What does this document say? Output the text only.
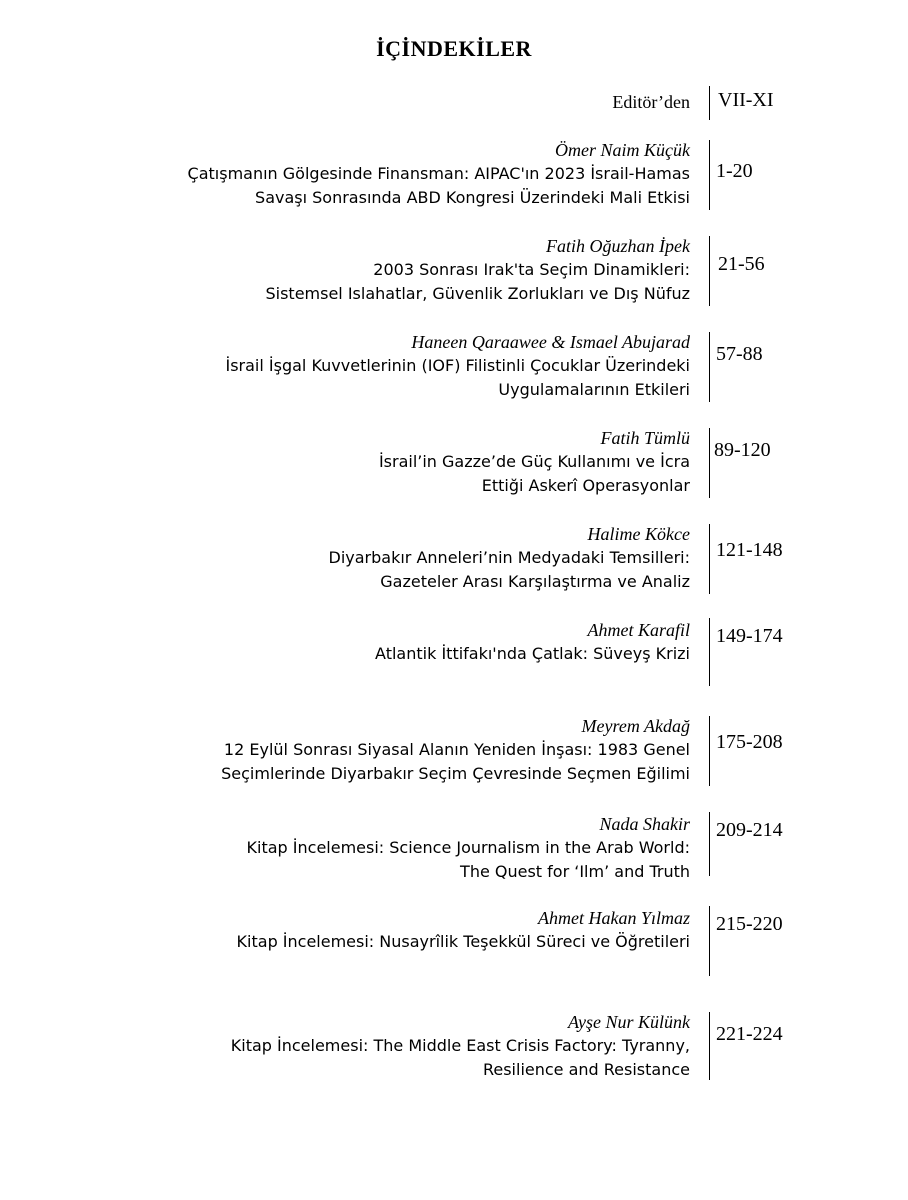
İÇİNDEKİLER
Editör’den VII-XI
Ömer Naim Küçük
Çatışmanın Gölgesinde Finansman: AIPAC'ın 2023 İsrail-Hamas
Savaşı Sonrasında ABD Kongresi Üzerindeki Mali Etkisi
1-20
Fatih Oğuzhan İpek
2003 Sonrası Irak'ta Seçim Dinamikleri:
Sistemsel Islahatlar, Güvenlik Zorlukları ve Dış Nüfuz
21-56
Haneen Qaraawee & Ismael Abujarad
İsrail İşgal Kuvvetlerinin (IOF) Filistinli Çocuklar Üzerindeki
Uygulamalarının Etkileri
57-88
Fatih Tümlü
İsrail’in Gazze’de Güç Kullanımı ve İcra
Ettiği Askerî Operasyonlar
89-120
Halime Kökce
Diyarbakır Anneleri’nin Medyadaki Temsilleri:
Gazeteler Arası Karşılaştırma ve Analiz
121-148
Ahmet Karafil
Atlantik İttifakı'nda Çatlak: Süveyş Krizi
149-174
Meyrem Akdağ
12 Eylül Sonrası Siyasal Alanın Yeniden İnşası: 1983 Genel
Seçimlerinde Diyarbakır Seçim Çevresinde Seçmen Eğilimi
175-208
Nada Shakir
Kitap İncelemesi: Science Journalism in the Arab World:
The Quest for ‘Ilm’ and Truth
209-214
Ahmet Hakan Yılmaz
Kitap İncelemesi: Nusayrîlik Teşekkül Süreci ve Öğretileri
215-220
Ayşe Nur Külünk
Kitap İncelemesi: The Middle East Crisis Factory: Tyranny,
Resilience and Resistance
221-224
